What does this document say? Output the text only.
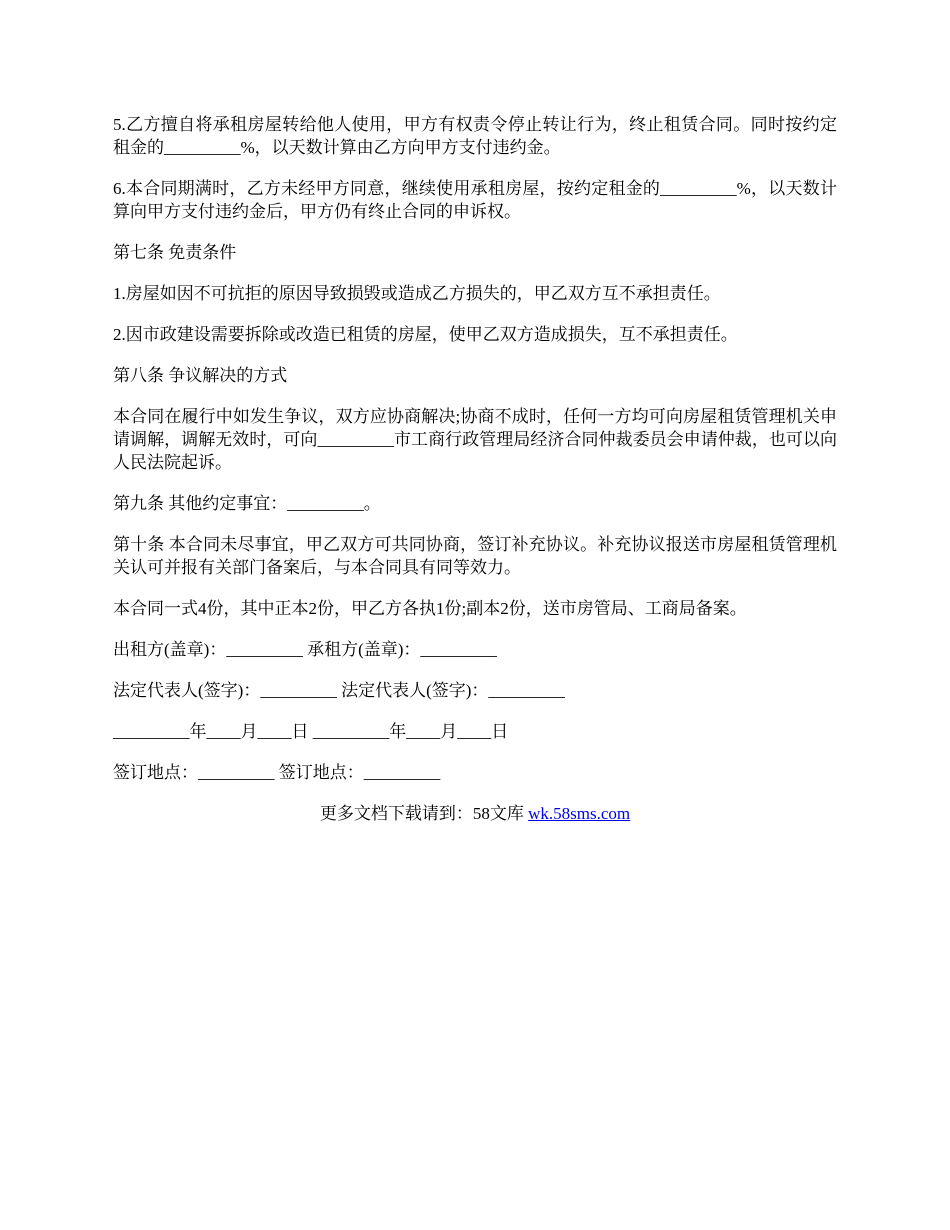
5.乙方擅自将承租房屋转给他人使用，甲方有权责令停止转让行为，终止租赁合同。同时按约定租金的_________%，以天数计算由乙方向甲方支付违约金。

6.本合同期满时，乙方未经甲方同意，继续使用承租房屋，按约定租金的_________%，以天数计算向甲方支付违约金后，甲方仍有终止合同的申诉权。

第七条 免责条件

1.房屋如因不可抗拒的原因导致损毁或造成乙方损失的，甲乙双方互不承担责任。

2.因市政建设需要拆除或改造已租赁的房屋，使甲乙双方造成损失，互不承担责任。

第八条 争议解决的方式

本合同在履行中如发生争议，双方应协商解决;协商不成时，任何一方均可向房屋租赁管理机关申请调解，调解无效时，可向_________市工商行政管理局经济合同仲裁委员会申请仲裁，也可以向人民法院起诉。

第九条 其他约定事宜：_________。

第十条 本合同未尽事宜，甲乙双方可共同协商，签订补充协议。补充协议报送市房屋租赁管理机关认可并报有关部门备案后，与本合同具有同等效力。

本合同一式4份，其中正本2份，甲乙方各执1份;副本2份，送市房管局、工商局备案。

出租方(盖章)：_________ 承租方(盖章)：_________

法定代表人(签字)：_________ 法定代表人(签字)：_________

_________年____月____日 _________年____月____日

签订地点：_________ 签订地点：_________

更多文档下载请到：58文库 wk.58sms.com
